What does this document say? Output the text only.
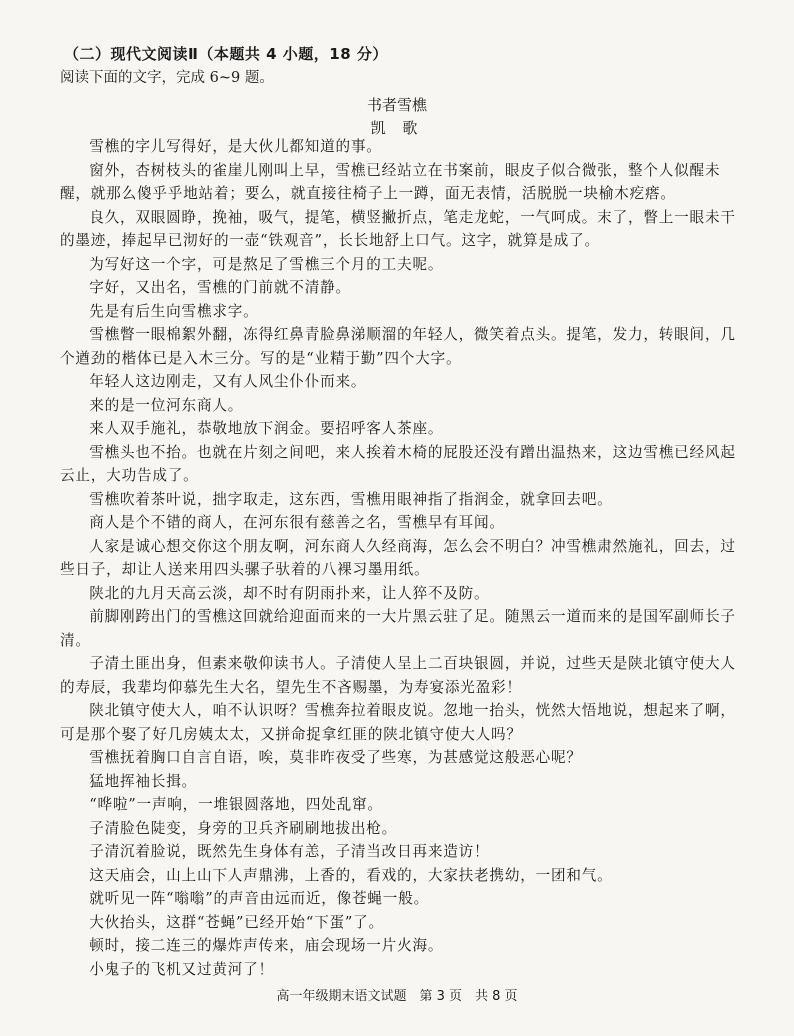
（二）现代文阅读Ⅱ（本题共 4 小题，18 分）
阅读下面的文字，完成 6~9 题。
书者雪樵
凯 歌

雪樵的字儿写得好，是大伙儿都知道的事。

窗外，杏树枝头的雀崖儿刚叫上早，雪樵已经站立在书案前，眼皮子似合微张，整个人似醒未醒，就那么傻乎乎地站着；要么，就直接往椅子上一蹲，面无表情，活脱脱一块榆木疙瘩。

良久，双眼圆睁，挽袖，吸气，提笔，横竖撇折点，笔走龙蛇，一气呵成。末了，瞥上一眼未干的墨迹，捧起早已沏好的一壶“铁观音”，长长地舒上口气。这字，就算是成了。

为写好这一个字，可是熬足了雪樵三个月的工夫呢。

字好，又出名，雪樵的门前就不清静。

先是有后生向雪樵求字。

雪樵瞥一眼棉絮外翻，冻得红鼻青脸鼻涕顺溜的年轻人，微笑着点头。提笔，发力，转眼间，几个遒劲的楷体已是入木三分。写的是“业精于勤”四个大字。

年轻人这边刚走，又有人风尘仆仆而来。

来的是一位河东商人。

来人双手施礼，恭敬地放下润金。要招呼客人茶座。

雪樵头也不抬。也就在片刻之间吧，来人挨着木椅的屁股还没有蹭出温热来，这边雪樵已经风起云止，大功告成了。

雪樵吹着茶叶说，拙字取走，这东西，雪樵用眼神指了指润金，就拿回去吧。

商人是个不错的商人，在河东很有慈善之名，雪樵早有耳闻。

人家是诚心想交你这个朋友啊，河东商人久经商海，怎么会不明白？冲雪樵肃然施礼，回去，过些日子，却让人送来用四头骡子驮着的八裸习墨用纸。

陕北的九月天高云淡，却不时有阴雨扑来，让人猝不及防。

前脚刚跨出门的雪樵这回就给迎面而来的一大片黑云驻了足。随黑云一道而来的是国军副师长子清。

子清土匪出身，但素来敬仰读书人。子清使人呈上二百块银圆，并说，过些天是陕北镇守使大人的寿辰，我辈均仰慕先生大名，望先生不吝赐墨，为寿宴添光盈彩！

陕北镇守使大人，咱不认识呀？雪樵奔拉着眼皮说。忽地一抬头，恍然大悟地说，想起来了啊，可是那个娶了好几房姨太太，又拼命捉拿红匪的陕北镇守使大人吗？

雪樵抚着胸口自言自语，唉，莫非昨夜受了些寒，为甚感觉这般恶心呢？

猛地挥袖长揖。

“哗啦”一声响，一堆银圆落地，四处乱窜。

子清脸色陡变，身旁的卫兵齐刷刷地拔出枪。

子清沉着脸说，既然先生身体有恙，子清当改日再来造访！

这天庙会，山上山下人声鼎沸，上香的，看戏的，大家扶老携幼，一团和气。

就听见一阵“嗡嗡”的声音由远而近，像苍蝇一般。

大伙抬头，这群“苍蝇”已经开始“下蛋”了。

顿时，接二连三的爆炸声传来，庙会现场一片火海。

小鬼子的飞机又过黄河了！

高一年级期末语文试题　第 3 页　共 8 页
